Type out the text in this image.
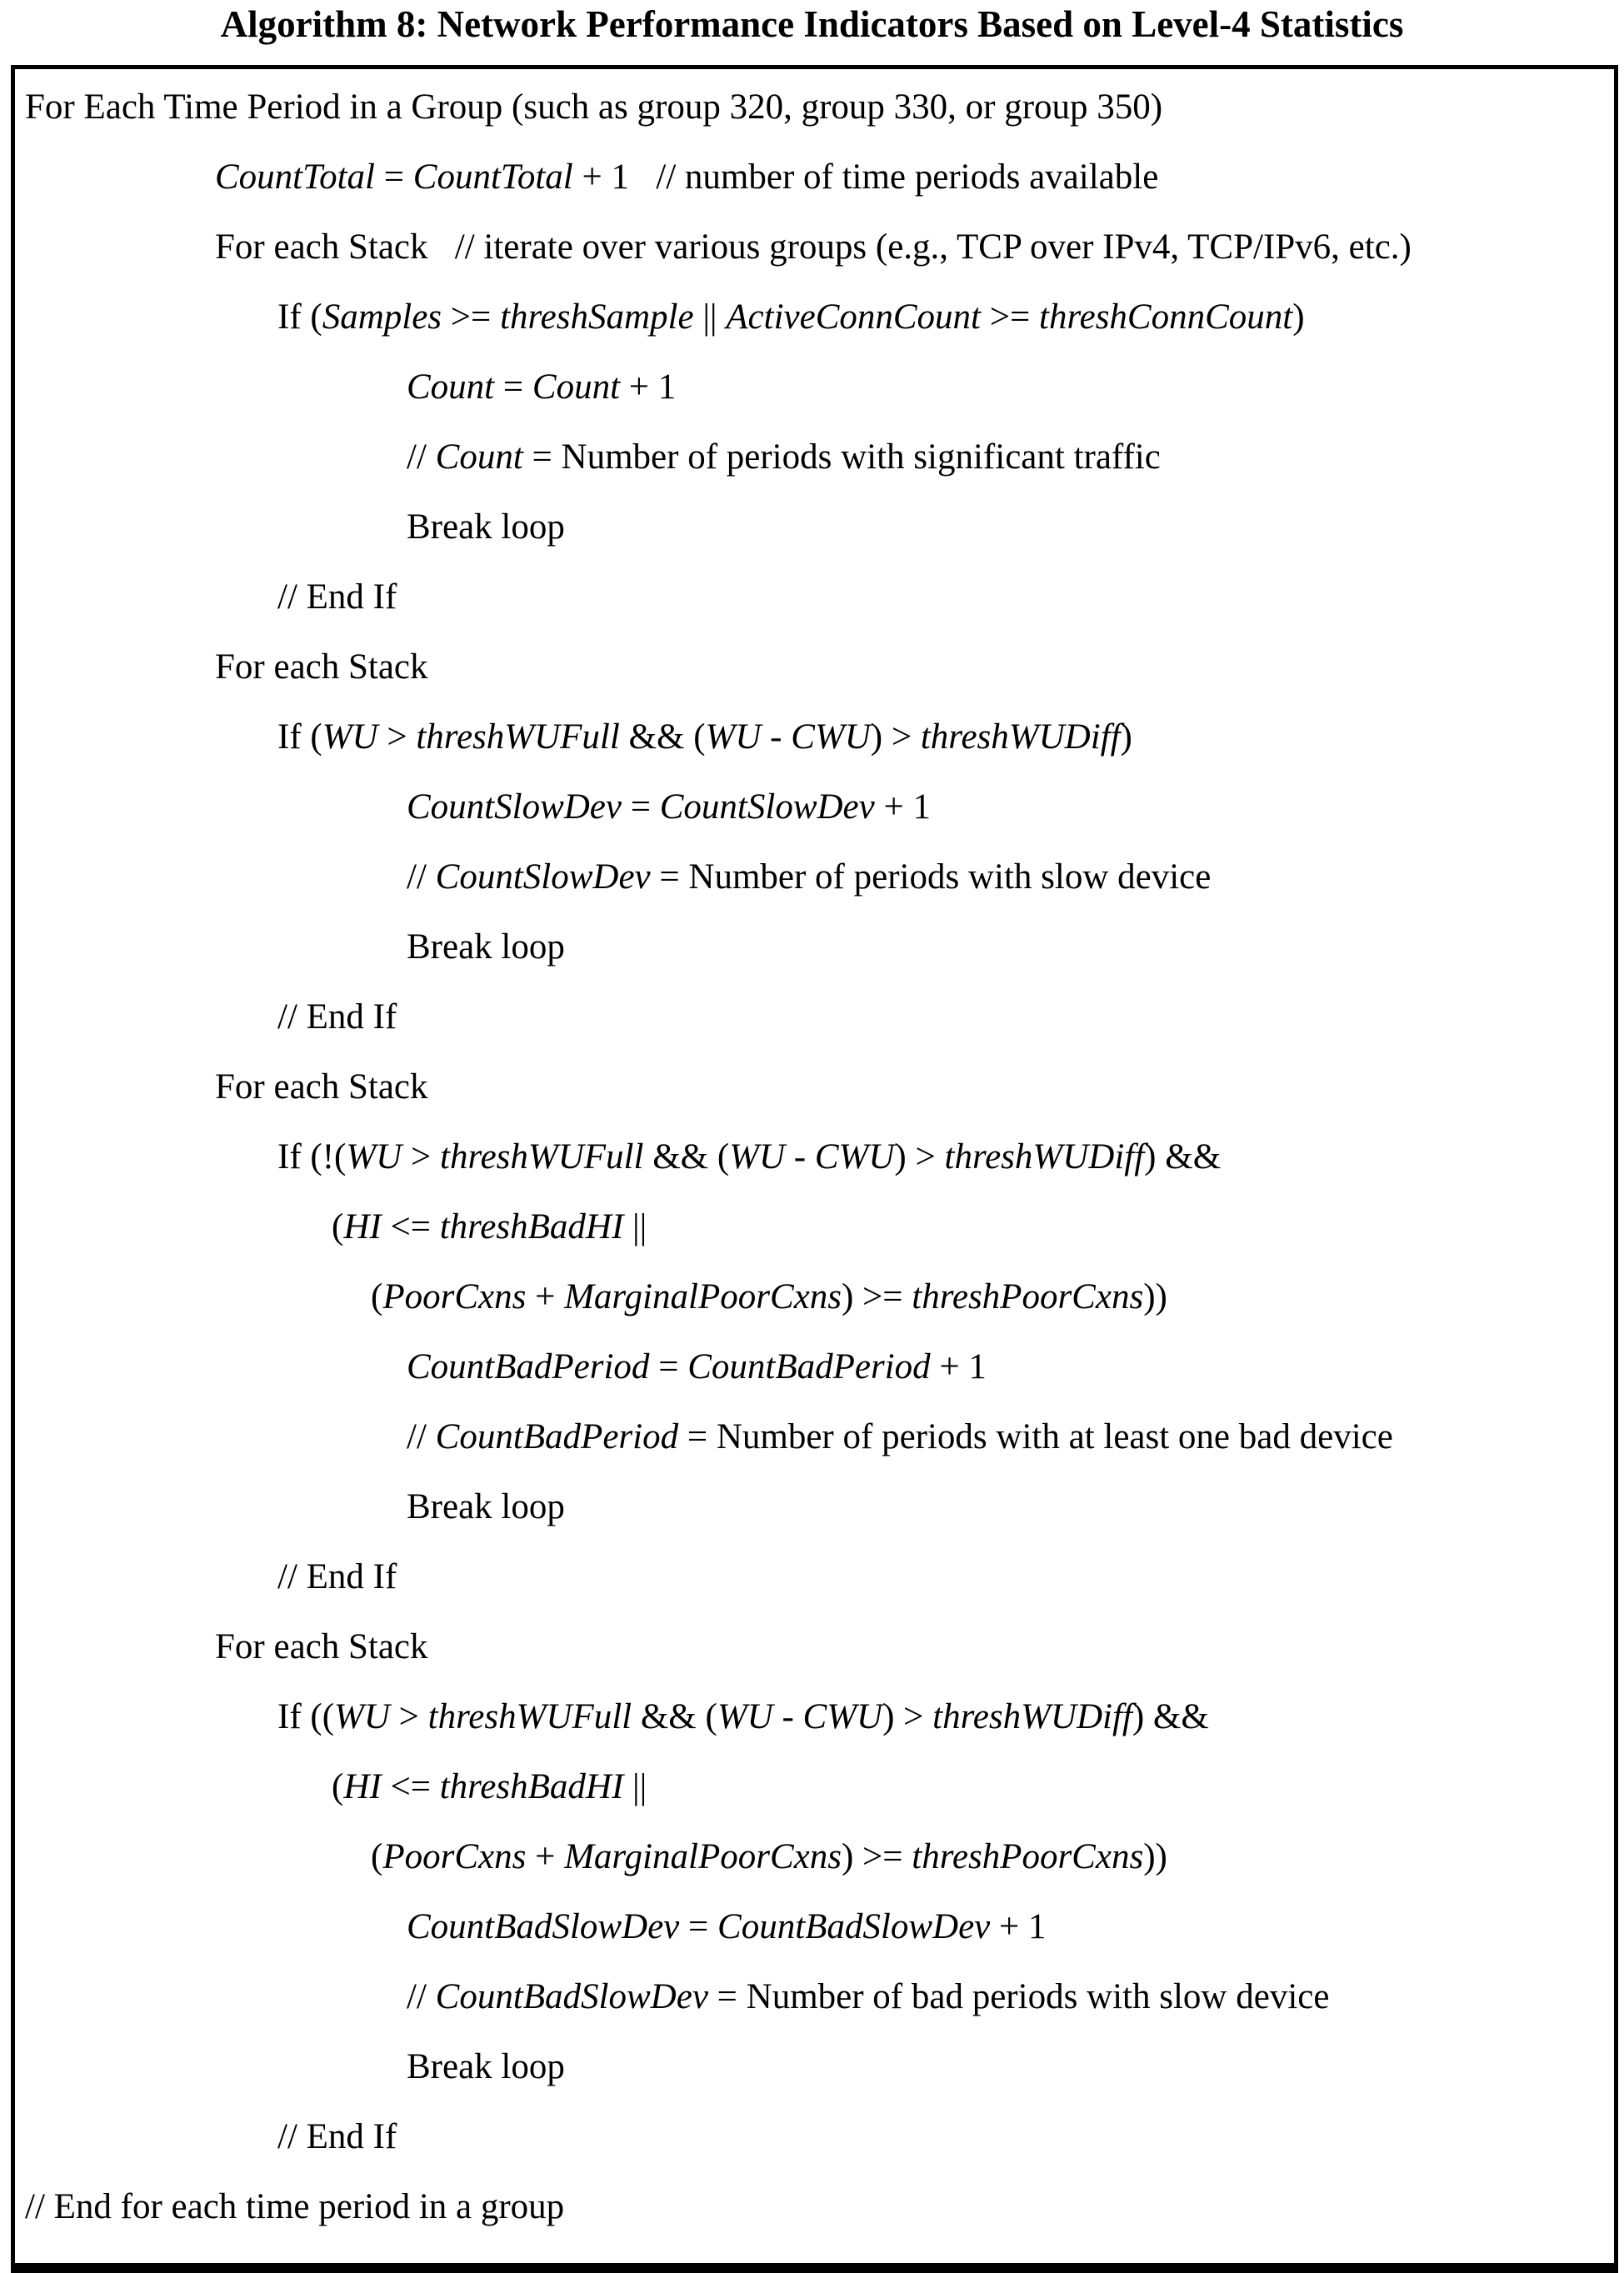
Algorithm 8: Network Performance Indicators Based on Level-4 Statistics
For Each Time Period in a Group (such as group 320, group 330, or group 350)
CountTotal = CountTotal + 1   // number of time periods available
For each Stack   // iterate over various groups (e.g., TCP over IPv4, TCP/IPv6, etc.)
If (Samples >= threshSample || ActiveConnCount >= threshConnCount)
Count = Count + 1
// Count = Number of periods with significant traffic
Break loop
// End If
For each Stack
If (WU > threshWUFull && (WU - CWU) > threshWUDiff)
CountSlowDev = CountSlowDev + 1
// CountSlowDev = Number of periods with slow device
Break loop
// End If
For each Stack
If (!(WU > threshWUFull && (WU - CWU) > threshWUDiff) &&
(HI <= threshBadHI ||
(PoorCxns + MarginalPoorCxns) >= threshPoorCxns))
CountBadPeriod = CountBadPeriod + 1
// CountBadPeriod = Number of periods with at least one bad device
Break loop
// End If
For each Stack
If ((WU > threshWUFull && (WU - CWU) > threshWUDiff) &&
(HI <= threshBadHI ||
(PoorCxns + MarginalPoorCxns) >= threshPoorCxns))
CountBadSlowDev = CountBadSlowDev + 1
// CountBadSlowDev = Number of bad periods with slow device
Break loop
// End If
// End for each time period in a group
